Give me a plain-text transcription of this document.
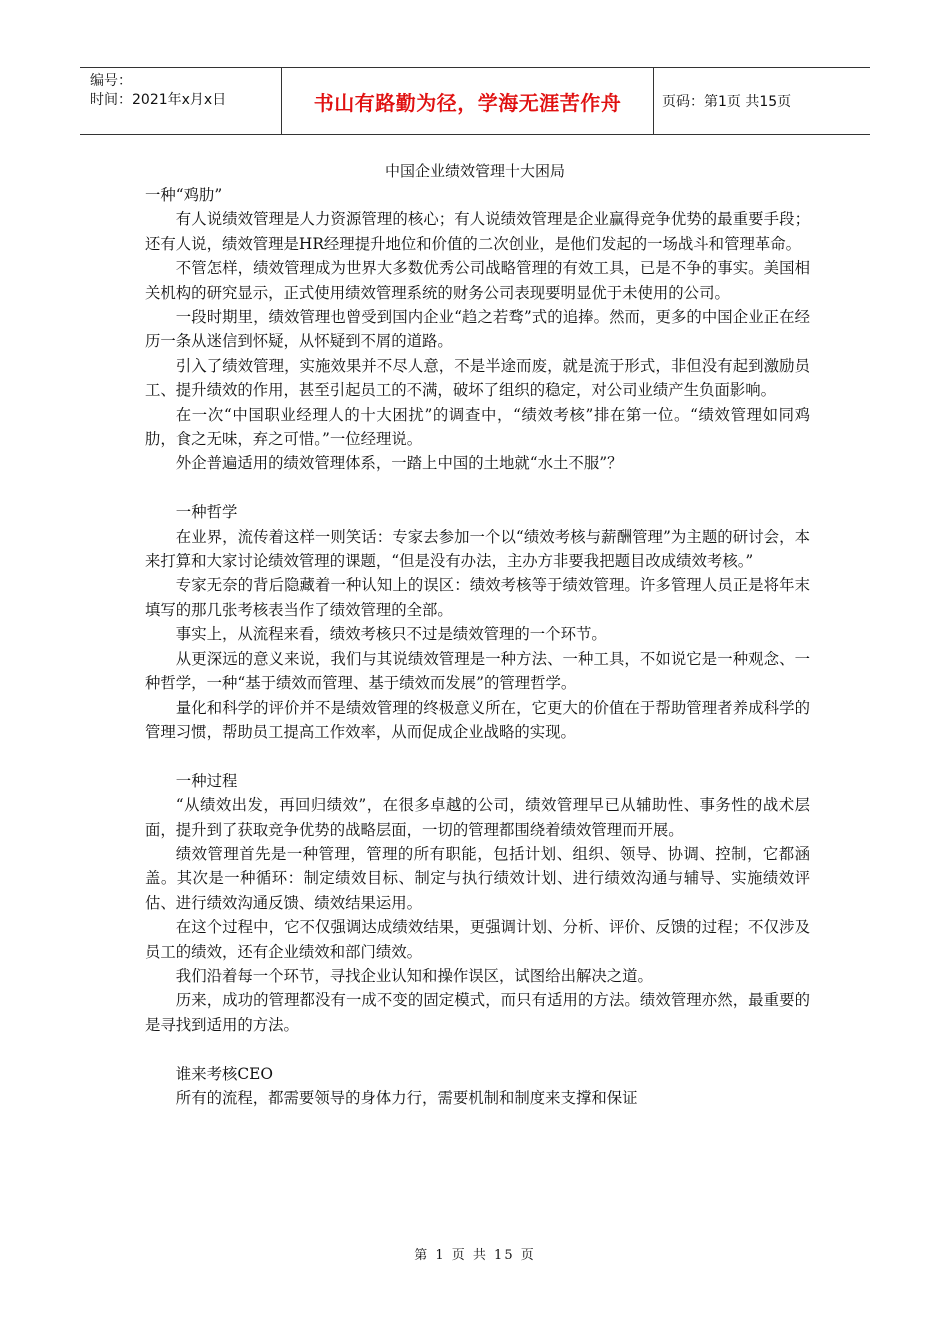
编号：
时间：2021年x月x日	书山有路勤为径，学海无涯苦作舟	页码：第1页 共15页
中国企业绩效管理十大困局

一种“鸡肋”

有人说绩效管理是人力资源管理的核心；有人说绩效管理是企业赢得竞争优势的最重要手段；还有人说，绩效管理是HR经理提升地位和价值的二次创业，是他们发起的一场战斗和管理革命。

不管怎样，绩效管理成为世界大多数优秀公司战略管理的有效工具，已是不争的事实。美国相关机构的研究显示，正式使用绩效管理系统的财务公司表现要明显优于未使用的公司。

一段时期里，绩效管理也曾受到国内企业“趋之若骛”式的追捧。然而，更多的中国企业正在经历一条从迷信到怀疑，从怀疑到不屑的道路。

引入了绩效管理，实施效果并不尽人意，不是半途而废，就是流于形式，非但没有起到激励员工、提升绩效的作用，甚至引起员工的不满，破坏了组织的稳定，对公司业绩产生负面影响。

在一次“中国职业经理人的十大困扰”的调查中，“绩效考核”排在第一位。“绩效管理如同鸡肋，食之无味，弃之可惜。”一位经理说。

外企普遍适用的绩效管理体系，一踏上中国的土地就“水土不服”？

一种哲学

在业界，流传着这样一则笑话：专家去参加一个以“绩效考核与薪酬管理”为主题的研讨会，本来打算和大家讨论绩效管理的课题，“但是没有办法，主办方非要我把题目改成绩效考核。”

专家无奈的背后隐藏着一种认知上的误区：绩效考核等于绩效管理。许多管理人员正是将年末填写的那几张考核表当作了绩效管理的全部。

事实上，从流程来看，绩效考核只不过是绩效管理的一个环节。

从更深远的意义来说，我们与其说绩效管理是一种方法、一种工具，不如说它是一种观念、一种哲学，一种“基于绩效而管理、基于绩效而发展”的管理哲学。

量化和科学的评价并不是绩效管理的终极意义所在，它更大的价值在于帮助管理者养成科学的管理习惯，帮助员工提高工作效率，从而促成企业战略的实现。

一种过程

“从绩效出发，再回归绩效”，在很多卓越的公司，绩效管理早已从辅助性、事务性的战术层面，提升到了获取竞争优势的战略层面，一切的管理都围绕着绩效管理而开展。

绩效管理首先是一种管理，管理的所有职能，包括计划、组织、领导、协调、控制，它都涵盖。其次是一种循环：制定绩效目标、制定与执行绩效计划、进行绩效沟通与辅导、实施绩效评估、进行绩效沟通反馈、绩效结果运用。

在这个过程中，它不仅强调达成绩效结果，更强调计划、分析、评价、反馈的过程；不仅涉及员工的绩效，还有企业绩效和部门绩效。

我们沿着每一个环节，寻找企业认知和操作误区，试图给出解决之道。

历来，成功的管理都没有一成不变的固定模式，而只有适用的方法。绩效管理亦然，最重要的是寻找到适用的方法。

谁来考核CEO

所有的流程，都需要领导的身体力行，需要机制和制度来支撑和保证

第 1 页 共 15 页
